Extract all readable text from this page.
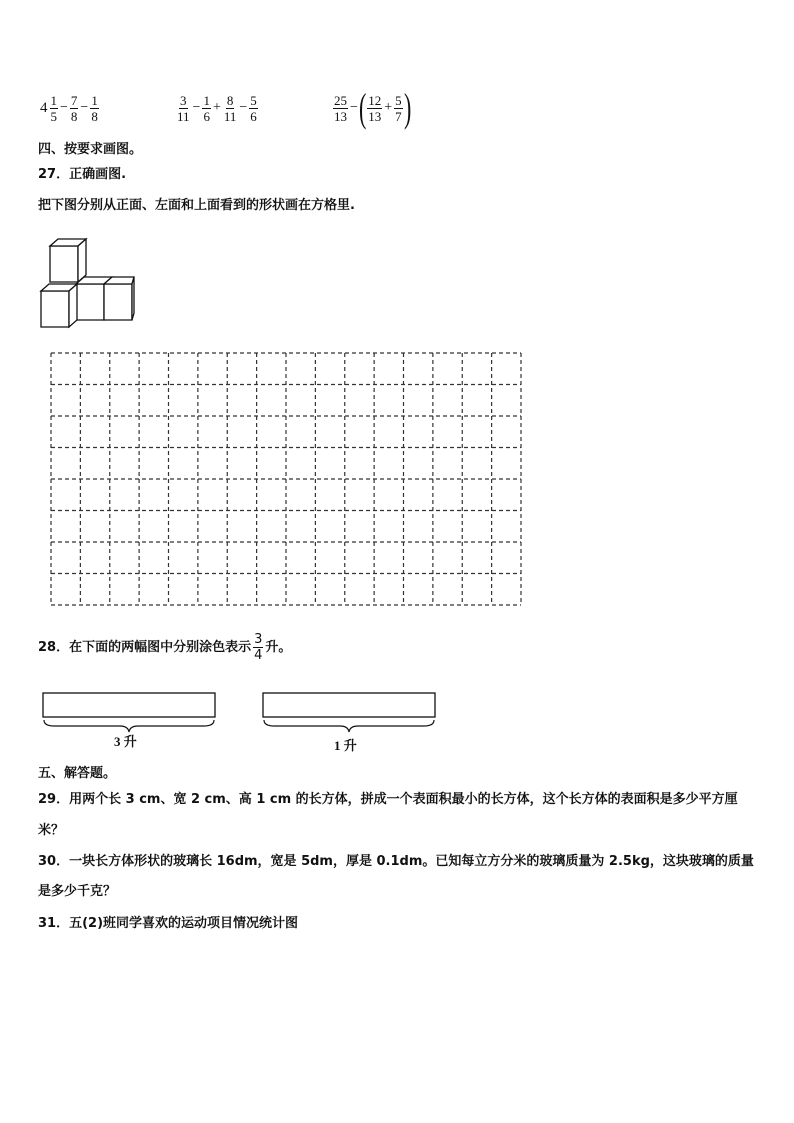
$4 \frac{1}{5} - \frac{7}{8} - \frac{1}{8}$	$\frac{3}{11} - \frac{1}{6} + \frac{8}{11} - \frac{5}{6}$	$\frac{25}{13}$ − ( $\frac{12}{13} + \frac{5}{7}$ )
四、按要求画图。
27．正确画图.
把下图分别从正面、左面和上面看到的形状画在方格里.
28．在下面的两幅图中分别涂色表示 $\frac{3}{4}$ 升。
3 升	1 升
五、解答题。
29．用两个长 3 cm、宽 2 cm、高 1 cm 的长方体，拼成一个表面积最小的长方体，这个长方体的表面积是多少平方厘
米？
30．一块长方体形状的玻璃长 16dm，宽是 5dm，厚是 0.1dm。已知每立方分米的玻璃质量为 2.5kg，这块玻璃的质量
是多少千克？
31．五(2)班同学喜欢的运动项目情况统计图
